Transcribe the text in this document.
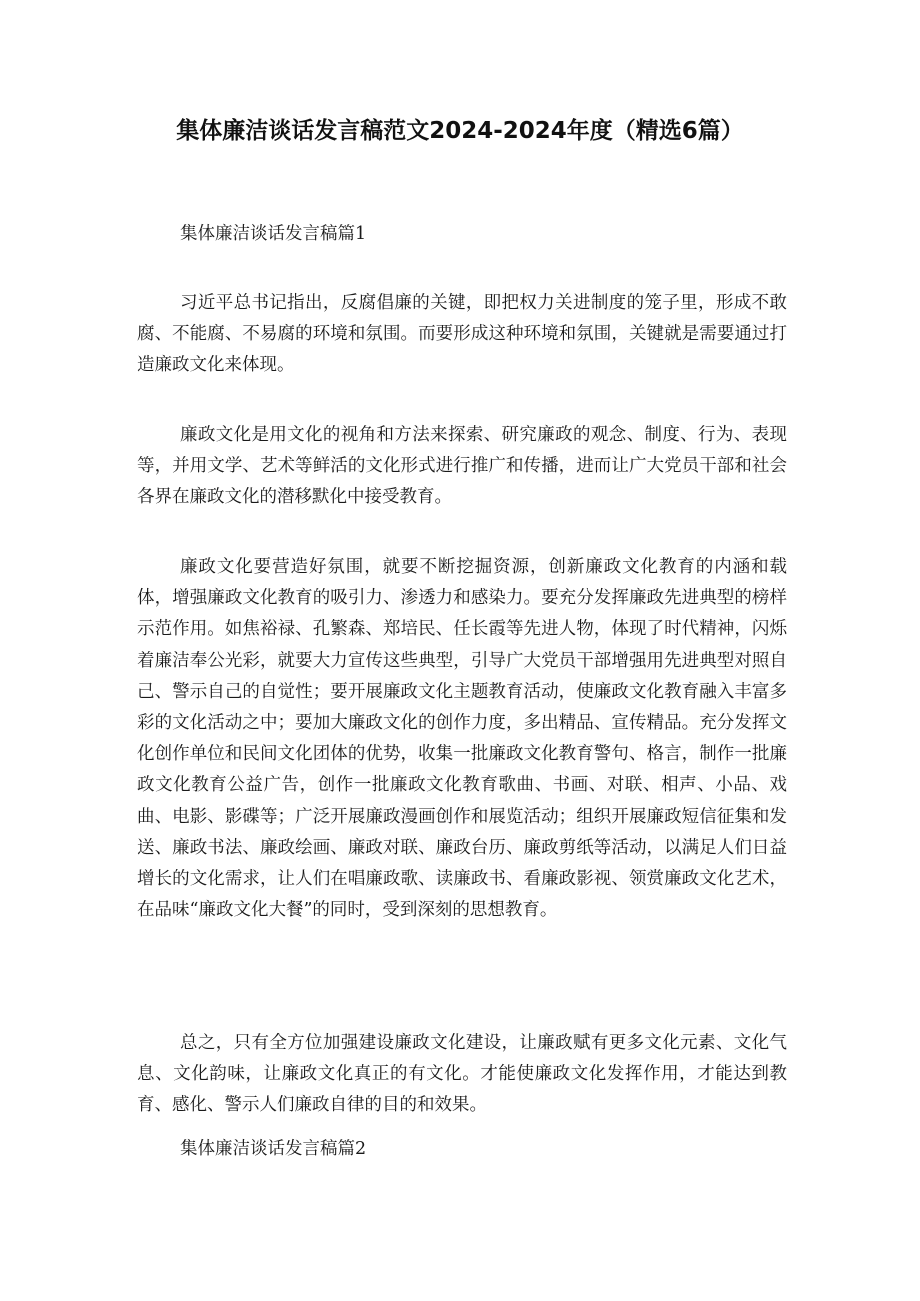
集体廉洁谈话发言稿范文2024-2024年度（精选6篇）

集体廉洁谈话发言稿篇1

习近平总书记指出，反腐倡廉的关键，即把权力关进制度的笼子里，形成不敢腐、不能腐、不易腐的环境和氛围。而要形成这种环境和氛围，关键就是需要通过打造廉政文化来体现。

廉政文化是用文化的视角和方法来探索、研究廉政的观念、制度、行为、表现等，并用文学、艺术等鲜活的文化形式进行推广和传播，进而让广大党员干部和社会各界在廉政文化的潜移默化中接受教育。

廉政文化要营造好氛围，就要不断挖掘资源，创新廉政文化教育的内涵和载体，增强廉政文化教育的吸引力、渗透力和感染力。要充分发挥廉政先进典型的榜样示范作用。如焦裕禄、孔繁森、郑培民、任长霞等先进人物，体现了时代精神，闪烁着廉洁奉公光彩，就要大力宣传这些典型，引导广大党员干部增强用先进典型对照自己、警示自己的自觉性；要开展廉政文化主题教育活动，使廉政文化教育融入丰富多彩的文化活动之中；要加大廉政文化的创作力度，多出精品、宣传精品。充分发挥文化创作单位和民间文化团体的优势，收集一批廉政文化教育警句、格言，制作一批廉政文化教育公益广告，创作一批廉政文化教育歌曲、书画、对联、相声、小品、戏曲、电影、影碟等；广泛开展廉政漫画创作和展览活动；组织开展廉政短信征集和发送、廉政书法、廉政绘画、廉政对联、廉政台历、廉政剪纸等活动，以满足人们日益增长的文化需求，让人们在唱廉政歌、读廉政书、看廉政影视、领赏廉政文化艺术，在品味“廉政文化大餐”的同时，受到深刻的思想教育。

总之，只有全方位加强建设廉政文化建设，让廉政赋有更多文化元素、文化气息、文化韵味，让廉政文化真正的有文化。才能使廉政文化发挥作用，才能达到教育、感化、警示人们廉政自律的目的和效果。

集体廉洁谈话发言稿篇2
